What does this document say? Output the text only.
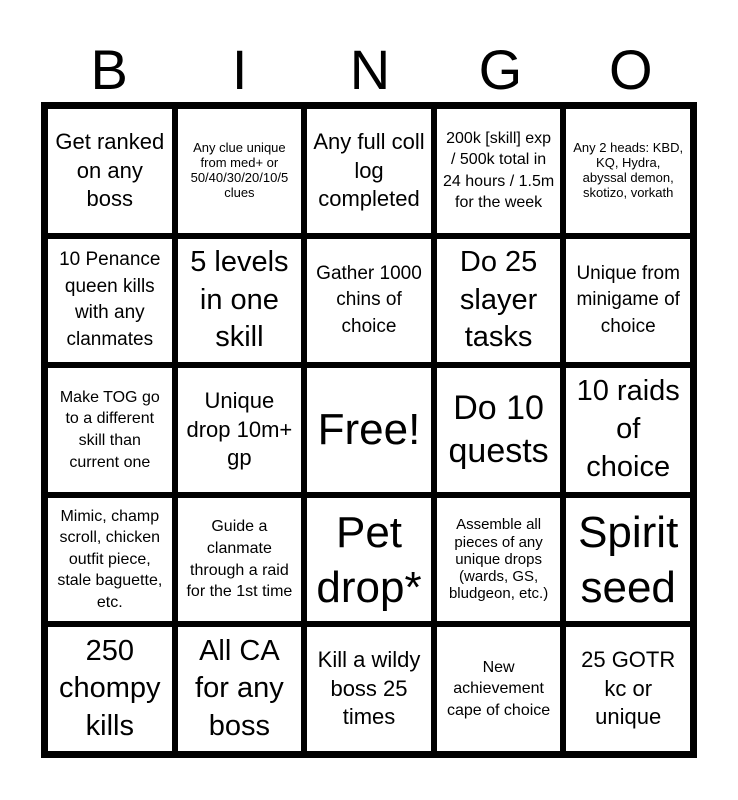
B	I	N	G	O
Get ranked on any boss
Any clue unique from med+ or 50/40/30/20/10/5 clues
Any full coll log completed
200k [skill] exp / 500k total in 24 hours / 1.5m for the week
Any 2 heads: KBD, KQ, Hydra, abyssal demon, skotizo, vorkath
10 Penance queen kills with any clanmates
5 levels in one skill
Gather 1000 chins of choice
Do 25 slayer tasks
Unique from minigame of choice
Make TOG go to a different skill than current one
Unique drop 10m+ gp
Free! Do 10 quests
10 raids of choice
Mimic, champ scroll, chicken outfit piece, stale baguette, etc.
Guide a clanmate through a raid for the 1st time
Pet drop*
Assemble all pieces of any unique drops (wards, GS, bludgeon, etc.)
Spirit seed
250 chompy kills
All CA for any boss
Kill a wildy boss 25 times
New achievement cape of choice
25 GOTR kc or unique
